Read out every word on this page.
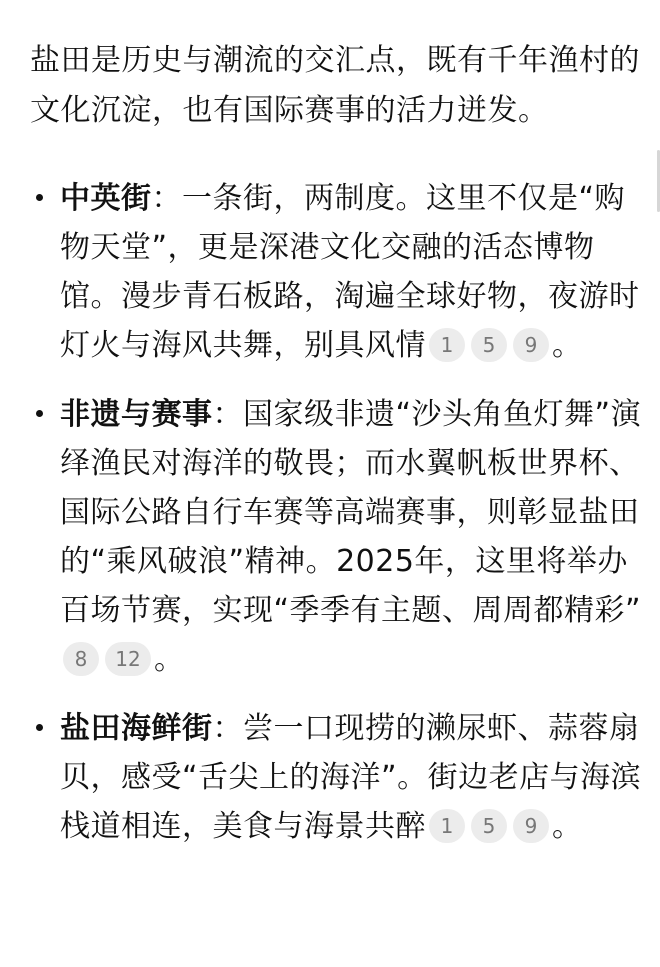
盐田是历史与潮流的交汇点，既有千年渔村的文化沉淀，也有国际赛事的活力迸发。

中英街：一条街，两制度。这里不仅是“购物天堂”，更是深港文化交融的活态博物馆。漫步青石板路，淘遍全球好物，夜游时灯火与海风共舞，别具风情 1 5 9 。
非遗与赛事：国家级非遗“沙头角鱼灯舞”演绎渔民对海洋的敬畏；而水翼帆板世界杯、国际公路自行车赛等高端赛事，则彰显盐田的“乘风破浪”精神。2025年，这里将举办百场节赛，实现“季季有主题、周周都精彩”8 12 。
盐田海鲜街：尝一口现捞的濑尿虾、蒜蓉扇贝，感受“舌尖上的海洋”。街边老店与海滨栈道相连，美食与海景共醉 1 5 9 。
